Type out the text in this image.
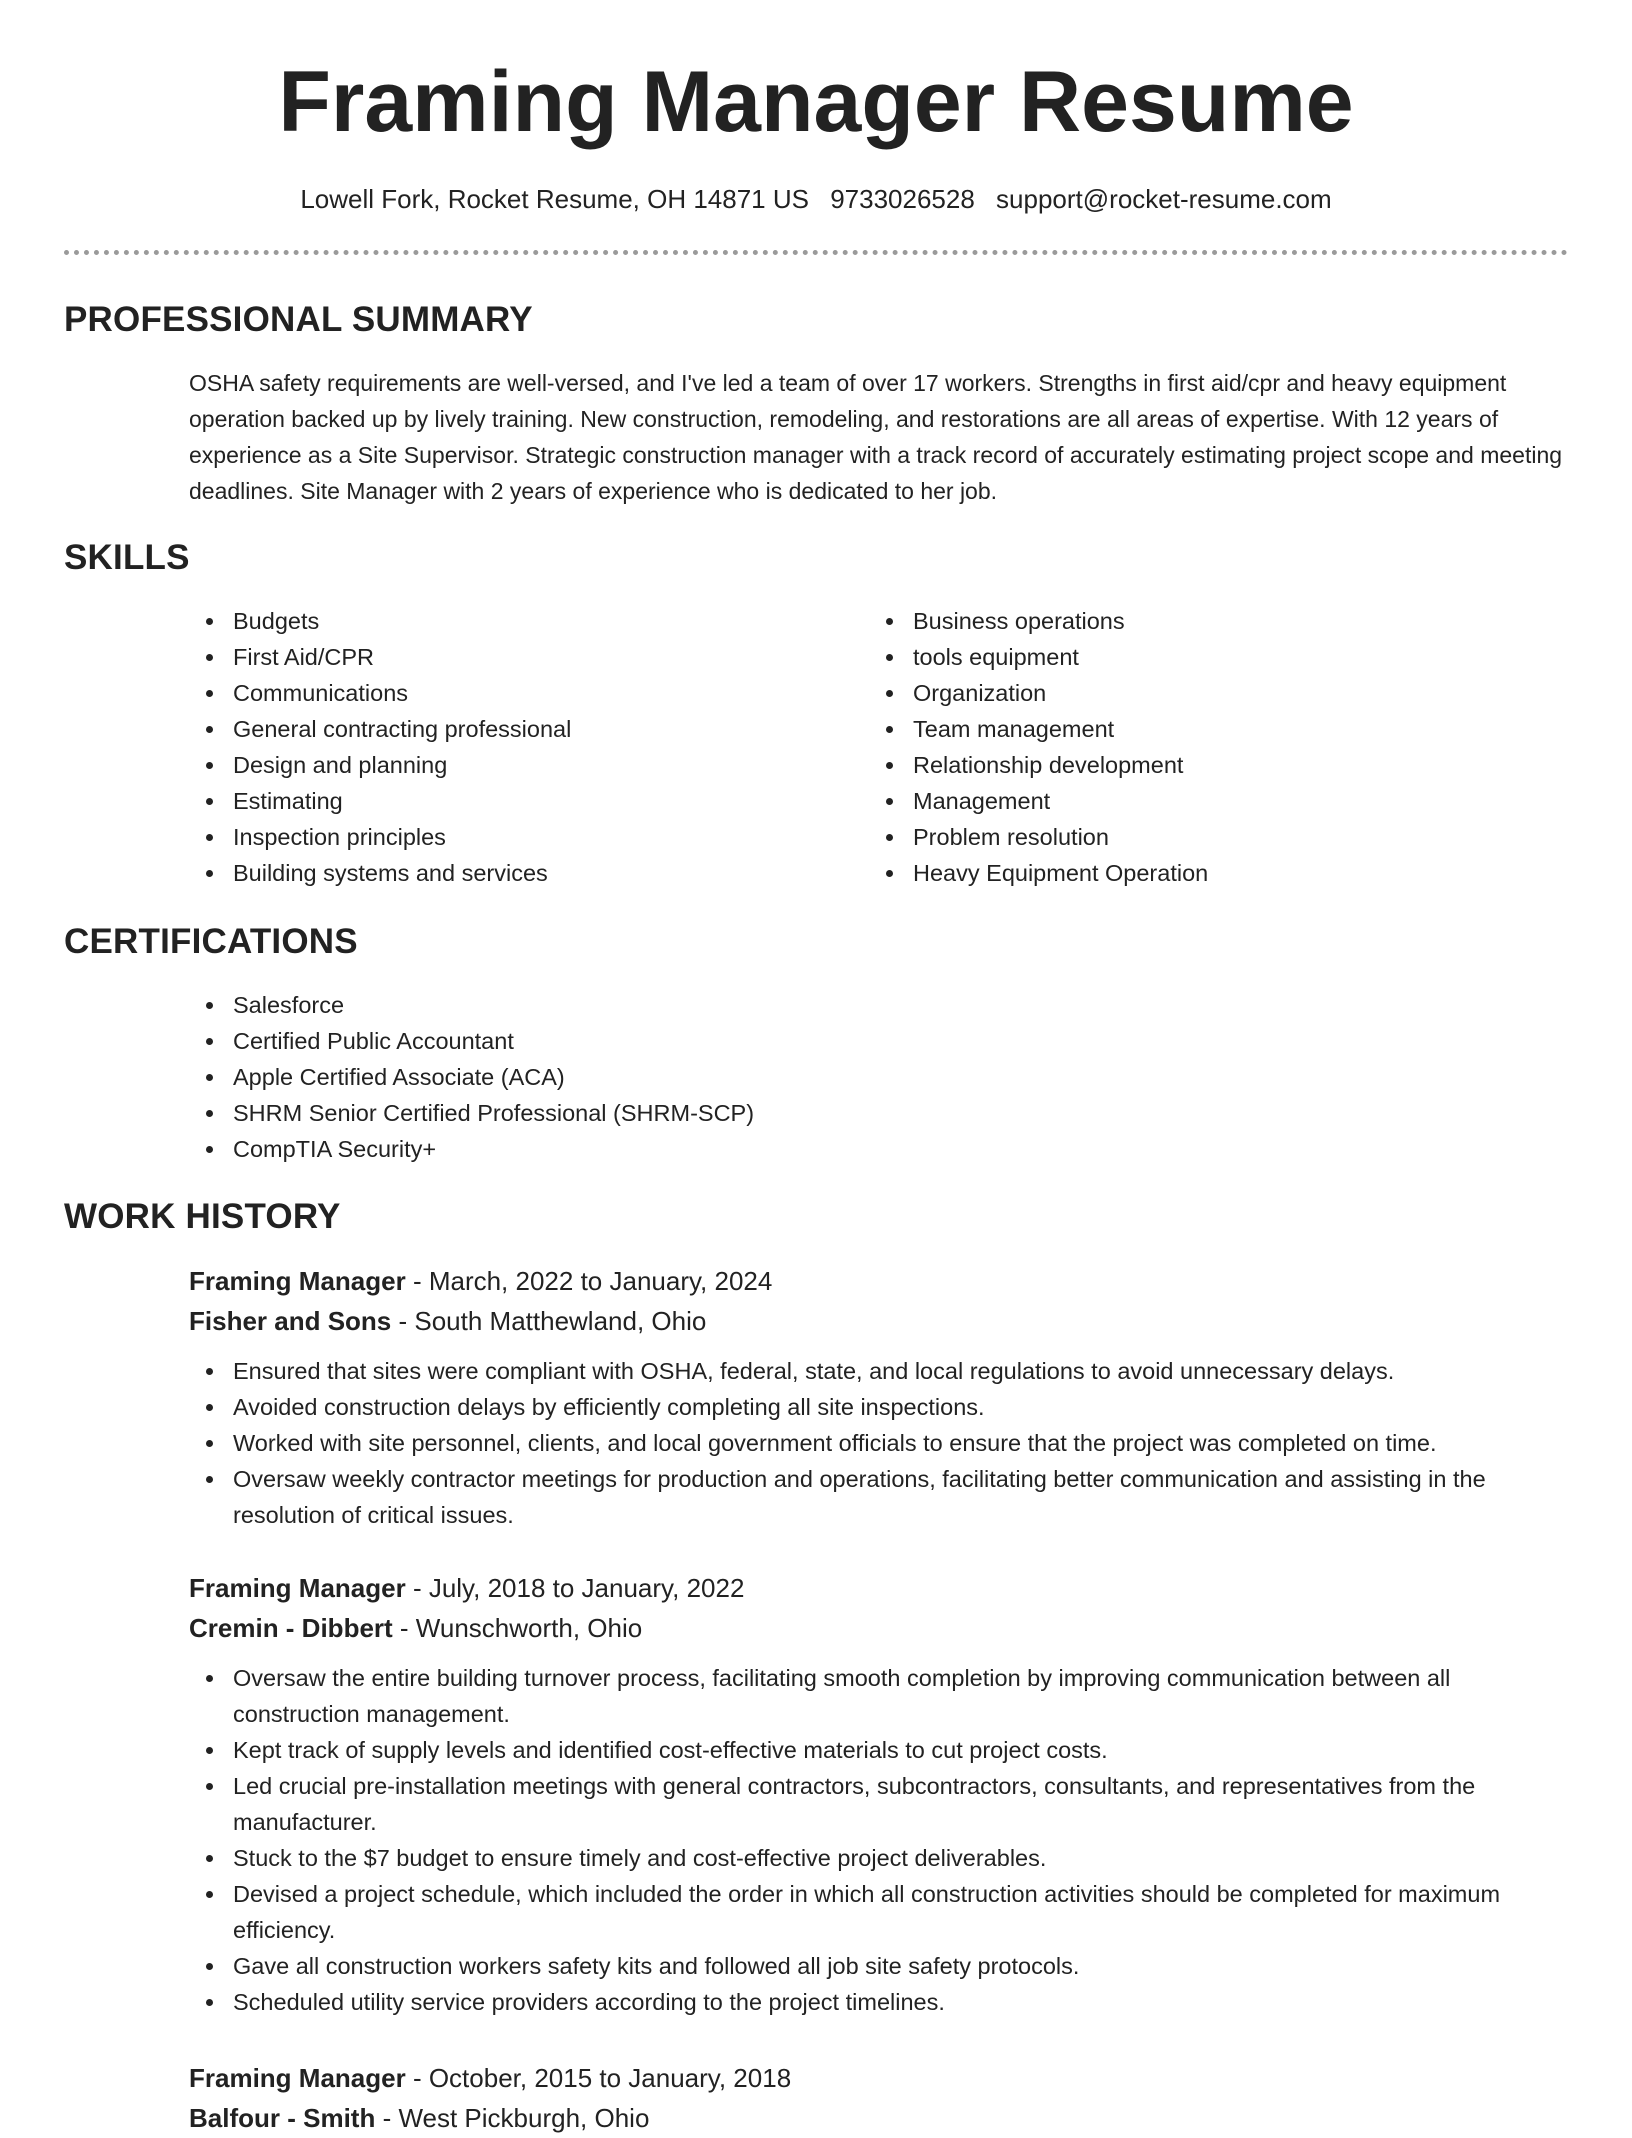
Framing Manager Resume
Lowell Fork, Rocket Resume, OH 14871 US 9733026528 support@rocket-resume.com
PROFESSIONAL SUMMARY

OSHA safety requirements are well-versed, and I've led a team of over 17 workers. Strengths in first aid/cpr and heavy equipment operation backed up by lively training. New construction, remodeling, and restorations are all areas of expertise. With 12 years of experience as a Site Supervisor. Strategic construction manager with a track record of accurately estimating project scope and meeting deadlines. Site Manager with 2 years of experience who is dedicated to her job.

SKILLS
Budgets
First Aid/CPR
Communications
General contracting professional
Design and planning
Estimating
Inspection principles
Building systems and services
Business operations
tools equipment
Organization
Team management
Relationship development
Management
Problem resolution
Heavy Equipment Operation
CERTIFICATIONS
Salesforce
Certified Public Accountant
Apple Certified Associate (ACA)
SHRM Senior Certified Professional (SHRM-SCP)
CompTIA Security+
WORK HISTORY
Framing Manager - March, 2022 to January, 2024
Fisher and Sons - South Matthewland, Ohio
Ensured that sites were compliant with OSHA, federal, state, and local regulations to avoid unnecessary delays.
Avoided construction delays by efficiently completing all site inspections.
Worked with site personnel, clients, and local government officials to ensure that the project was completed on time.
Oversaw weekly contractor meetings for production and operations, facilitating better communication and assisting in the resolution of critical issues.
Framing Manager - July, 2018 to January, 2022
Cremin - Dibbert - Wunschworth, Ohio
Oversaw the entire building turnover process, facilitating smooth completion by improving communication between all construction management.
Kept track of supply levels and identified cost-effective materials to cut project costs.
Led crucial pre-installation meetings with general contractors, subcontractors, consultants, and representatives from the manufacturer.
Stuck to the $7 budget to ensure timely and cost-effective project deliverables.
Devised a project schedule, which included the order in which all construction activities should be completed for maximum efficiency.
Gave all construction workers safety kits and followed all job site safety protocols.
Scheduled utility service providers according to the project timelines.
Framing Manager - October, 2015 to January, 2018
Balfour - Smith - West Pickburgh, Ohio
